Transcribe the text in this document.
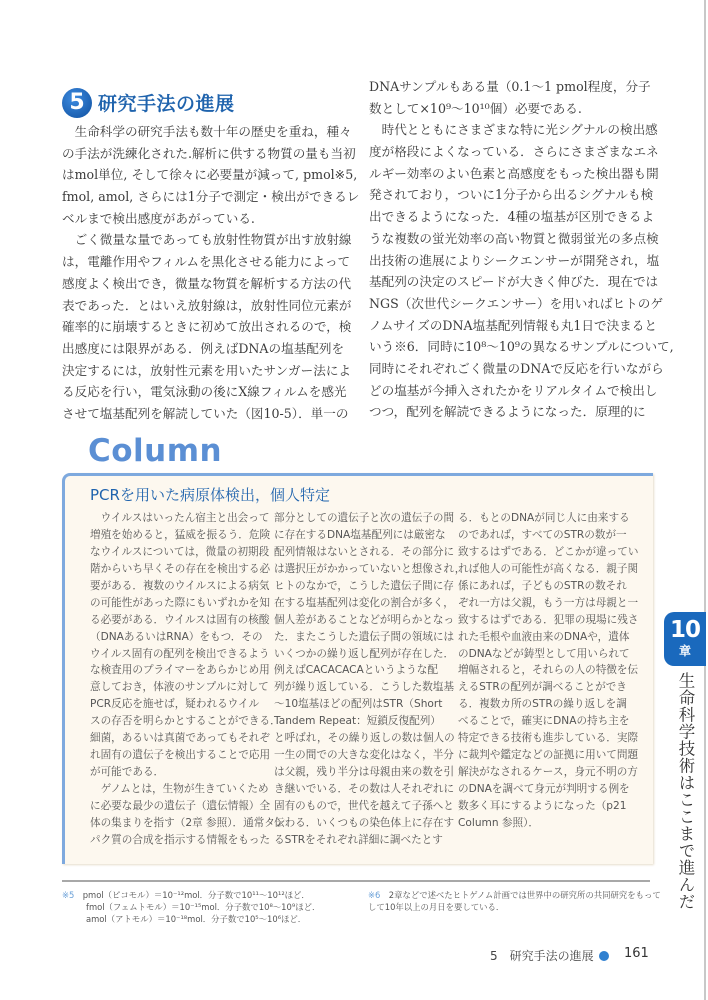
5 研究手法の進展
　生命科学の研究手法も数十年の歴史を重ね，種々
の手法が洗練化された.解析に供する物質の量も当初
はmol単位, そして徐々に必要量が減って, pmol※5,
fmol, amol, さらには1分子で測定・検出ができるレ
ベルまで検出感度があがっている.
　ごく微量な量であっても放射性物質が出す放射線
は，電離作用やフィルムを黒化させる能力によって
感度よく検出でき，微量な物質を解析する方法の代
表であった．とはいえ放射線は，放射性同位元素が
確率的に崩壊するときに初めて放出されるので，検
出感度には限界がある．例えばDNAの塩基配列を
決定するには，放射性元素を用いたサンガー法によ
る反応を行い，電気泳動の後にX線フィルムを感光
させて塩基配列を解読していた（図10-5）．単一の
DNAサンプルもある量（0.1～1 pmol程度，分子
数として×10⁹～10¹⁰個）必要である.
　時代とともにさまざまな特に光シグナルの検出感
度が格段によくなっている．さらにさまざまなエネ
ルギー効率のよい色素と高感度をもった検出器も開
発されており，ついに1分子から出るシグナルも検
出できるようになった．4種の塩基が区別できるよ
うな複数の蛍光効率の高い物質と微弱蛍光の多点検
出技術の進展によりシークエンサーが開発され，塩
基配列の決定のスピードが大きく伸びた．現在では
NGS（次世代シークエンサー）を用いればヒトのゲ
ノムサイズのDNA塩基配列情報も丸1日で決まると
いう※6．同時に10⁸～10⁹の異なるサンプルについて,
同時にそれぞれごく微量のDNAで反応を行いながら
どの塩基が今挿入されたかをリアルタイムで検出し
つつ，配列を解読できるようになった．原理的に
Column
PCRを用いた病原体検出，個人特定
　ウイルスはいったん宿主と出会って
増殖を始めると，猛威を振るう．危険
なウイルスについては，微量の初期段
階からいち早くその存在を検出する必
要がある．複数のウイルスによる病気
の可能性があった際にもいずれかを知
る必要がある．ウイルスは固有の核酸
（DNAあるいはRNA）をもつ．その
ウイルス固有の配列を検出できるよう
な検査用のプライマーをあらかじめ用
意しておき，体液のサンプルに対して
PCR反応を施せば，疑われるウイル
スの存否を明らかとすることができる．
細菌，あるいは真菌であってもそれぞ
れ固有の遺伝子を検出することで応用
が可能である．
　ゲノムとは，生物が生きていくため
に必要な最少の遺伝子（遺伝情報）全
体の集まりを指す（2章 参照）．通常タン
パク質の合成を指示する情報をもった
部分としての遺伝子と次の遺伝子の間
に存在するDNA塩基配列には厳密な
配列情報はないとされる．その部分に
は選択圧がかかっていないと想像され，
ヒトのなかで，こうした遺伝子間に存
在する塩基配列は変化の割合が多く，
個人差があることなどが明らかとなっ
た．またこうした遺伝子間の領域には
いくつかの繰り返し配列が存在した．
例えばCACACACAというような配
列が繰り返している．こうした数塩基
～10塩基ほどの配列はSTR（Short
Tandem Repeat：短鎖反復配列）
と呼ばれ，その繰り返しの数は個人の
一生の間での大きな変化はなく，半分
は父親，残り半分は母親由来の数を引
き継いでいる．その数は人それぞれに
固有のもので，世代を越えて子孫へと
伝わる．いくつもの染色体上に存在す
るSTRをそれぞれ詳細に調べたとす
る．もとのDNAが同じ人に由来する
のであれば，すべてのSTRの数が一
致するはずである．どこかが違ってい
れば他人の可能性が高くなる．親子関
係にあれば，子どものSTRの数それ
ぞれ一方は父親，もう一方は母親と一
致するはずである．犯罪の現場に残さ
れた毛根や血液由来のDNAや，遺体
のDNAなどが鋳型として用いられて
増幅されると，それらの人の特徴を伝
えるSTRの配列が調べることができ
る．複数カ所のSTRの繰り返しを調
べることで，確実にDNAの持ち主を
特定できる技術も進歩している．実際
に裁判や鑑定などの証拠に用いて問題
解決がなされるケース，身元不明の方
のDNAを調べて身元が判明する例を
数多く耳にするようになった（p21
Column 参照）．
※5　 pmol（ピコモル）＝10⁻¹²mol．分子数で10¹¹～10¹²ほど．
fmol（フェムトモル）＝10⁻¹⁵mol．分子数で10⁸～10⁹ほど．
amol（アトモル）＝10⁻¹⁸mol．分子数で10⁵～10⁶ほど．
※6　 2章などで述べたヒトゲノム計画では世界中の研究所の共同研究をもって
して10年以上の月日を要している．
5　研究手法の進展	161
10
章
生命科学技術はここまで進んだ
